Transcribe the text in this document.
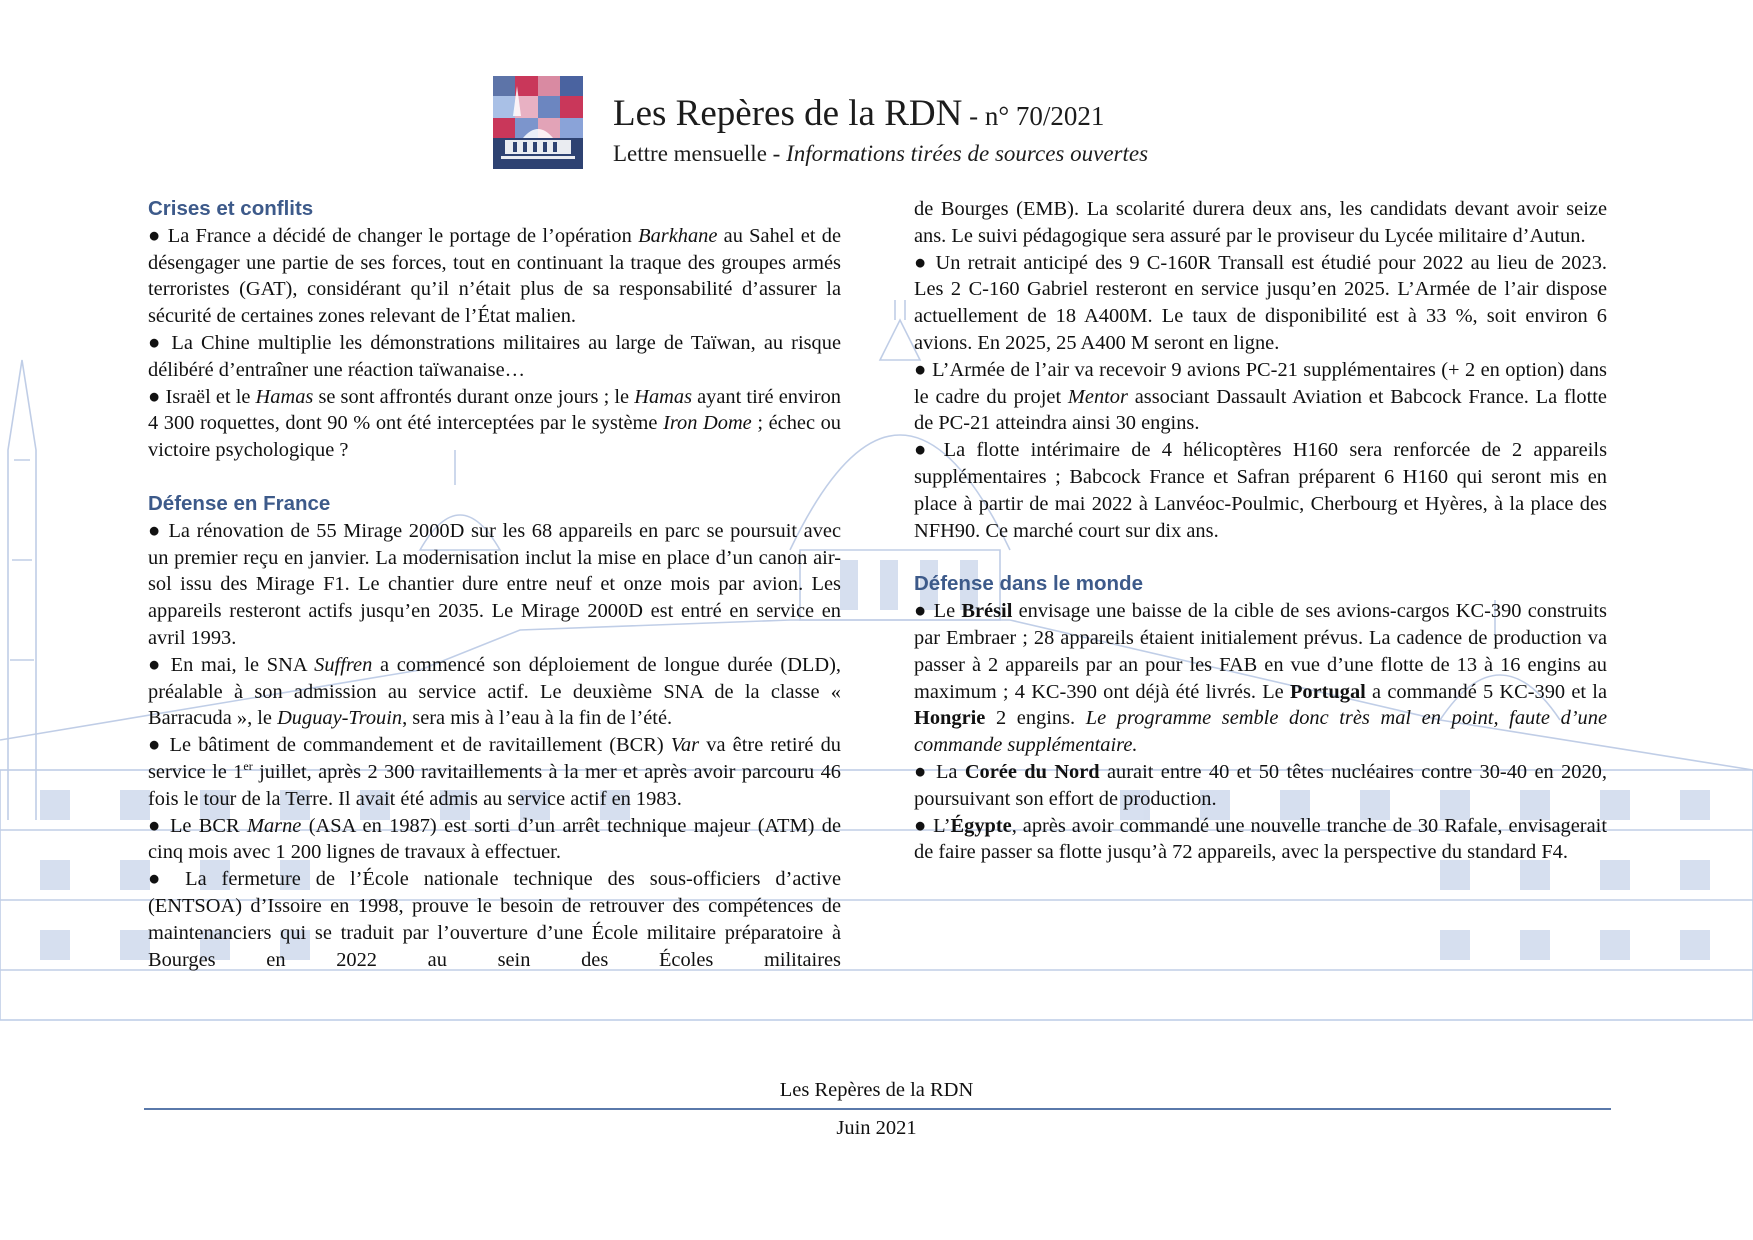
Les Repères de la RDN - n° 70/2021
Lettre mensuelle - Informations tirées de sources ouvertes
Crises et conflits

● La France a décidé de changer le portage de l’opération Barkhane au Sahel et de désengager une partie de ses forces, tout en continuant la traque des groupes armés terroristes (GAT), considérant qu’il n’était plus de sa responsabilité d’assurer la sécurité de certaines zones relevant de l’État malien.

● La Chine multiplie les démonstrations militaires au large de Taïwan, au risque délibéré d’entraîner une réaction taïwanaise…

● Israël et le Hamas se sont affrontés durant onze jours ; le Hamas ayant tiré environ 4 300 roquettes, dont 90 % ont été interceptées par le système Iron Dome ; échec ou victoire psychologique ?

Défense en France

● La rénovation de 55 Mirage 2000D sur les 68 appareils en parc se poursuit avec un premier reçu en janvier. La modernisation inclut la mise en place d’un canon air-sol issu des Mirage F1. Le chantier dure entre neuf et onze mois par avion. Les appareils resteront actifs jusqu’en 2035. Le Mirage 2000D est entré en service en avril 1993.

● En mai, le SNA Suffren a commencé son déploiement de longue durée (DLD), préalable à son admission au service actif. Le deuxième SNA de la classe « Barracuda », le Duguay-Trouin, sera mis à l’eau à la fin de l’été.

● Le bâtiment de commandement et de ravitaillement (BCR) Var va être retiré du service le 1er juillet, après 2 300 ravitaillements à la mer et après avoir parcouru 46 fois le tour de la Terre. Il avait été admis au service actif en 1983.

● Le BCR Marne (ASA en 1987) est sorti d’un arrêt technique majeur (ATM) de cinq mois avec 1 200 lignes de travaux à effectuer.

● La fermeture de l’École nationale technique des sous-officiers d’active (ENTSOA) d’Issoire en 1998, prouve le besoin de retrouver des compétences de maintenanciers qui se traduit par l’ouverture d’une École militaire préparatoire à Bourges en 2022 au sein des Écoles militaires

de Bourges (EMB). La scolarité durera deux ans, les candidats devant avoir seize ans. Le suivi pédagogique sera assuré par le proviseur du Lycée militaire d’Autun.

● Un retrait anticipé des 9 C-160R Transall est étudié pour 2022 au lieu de 2023. Les 2 C-160 Gabriel resteront en service jusqu’en 2025. L’Armée de l’air dispose actuellement de 18 A400M. Le taux de disponibilité est à 33 %, soit environ 6 avions. En 2025, 25 A400 M seront en ligne.

● L’Armée de l’air va recevoir 9 avions PC-21 supplémentaires (+ 2 en option) dans le cadre du projet Mentor associant Dassault Aviation et Babcock France. La flotte de PC-21 atteindra ainsi 30 engins.

● La flotte intérimaire de 4 hélicoptères H160 sera renforcée de 2 appareils supplémentaires ; Babcock France et Safran préparent 6 H160 qui seront mis en place à partir de mai 2022 à Lanvéoc-Poulmic, Cherbourg et Hyères, à la place des NFH90. Ce marché court sur dix ans.

Défense dans le monde

● Le Brésil envisage une baisse de la cible de ses avions-cargos KC-390 construits par Embraer ; 28 appareils étaient initialement prévus. La cadence de production va passer à 2 appareils par an pour les FAB en vue d’une flotte de 13 à 16 engins au maximum ; 4 KC-390 ont déjà été livrés. Le Portugal a commandé 5 KC-390 et la Hongrie 2 engins. Le programme semble donc très mal en point, faute d’une commande supplémentaire.

● La Corée du Nord aurait entre 40 et 50 têtes nucléaires contre 30-40 en 2020, poursuivant son effort de production.

● L’Égypte, après avoir commandé une nouvelle tranche de 30 Rafale, envisagerait de faire passer sa flotte jusqu’à 72 appareils, avec la perspective du standard F4.

Les Repères de la RDN
Juin 2021
